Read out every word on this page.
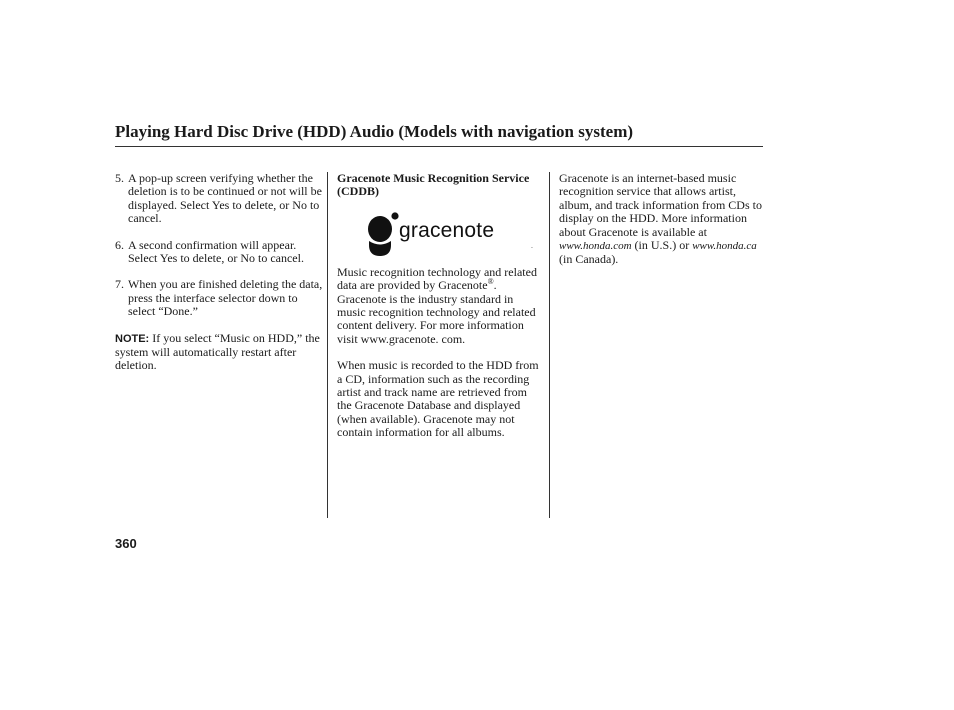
Playing Hard Disc Drive (HDD) Audio (Models with navigation system)

5. A pop-up screen verifying whether the deletion is to be continued or not will be displayed. Select Yes to delete, or No to cancel.

6. A second confirmation will appear. Select Yes to delete, or No to cancel.

7. When you are finished deleting the data, press the interface selector down to select “Done.”

NOTE: If you select “Music on HDD,” the system will automatically restart after deletion.

Gracenote Music Recognition Service (CDDB)

gracenote
.

Music recognition technology and related data are provided by Gracenote®. Gracenote is the industry standard in music recognition technology and related content delivery. For more information visit www.gracenote. com.

When music is recorded to the HDD from a CD, information such as the recording artist and track name are retrieved from the Gracenote Database and displayed (when available). Gracenote may not contain information for all albums.

Gracenote is an internet-based music recognition service that allows artist, album, and track information from CDs to display on the HDD. More information about Gracenote is available at www.honda.com (in U.S.) or www.honda.ca (in Canada).

360
